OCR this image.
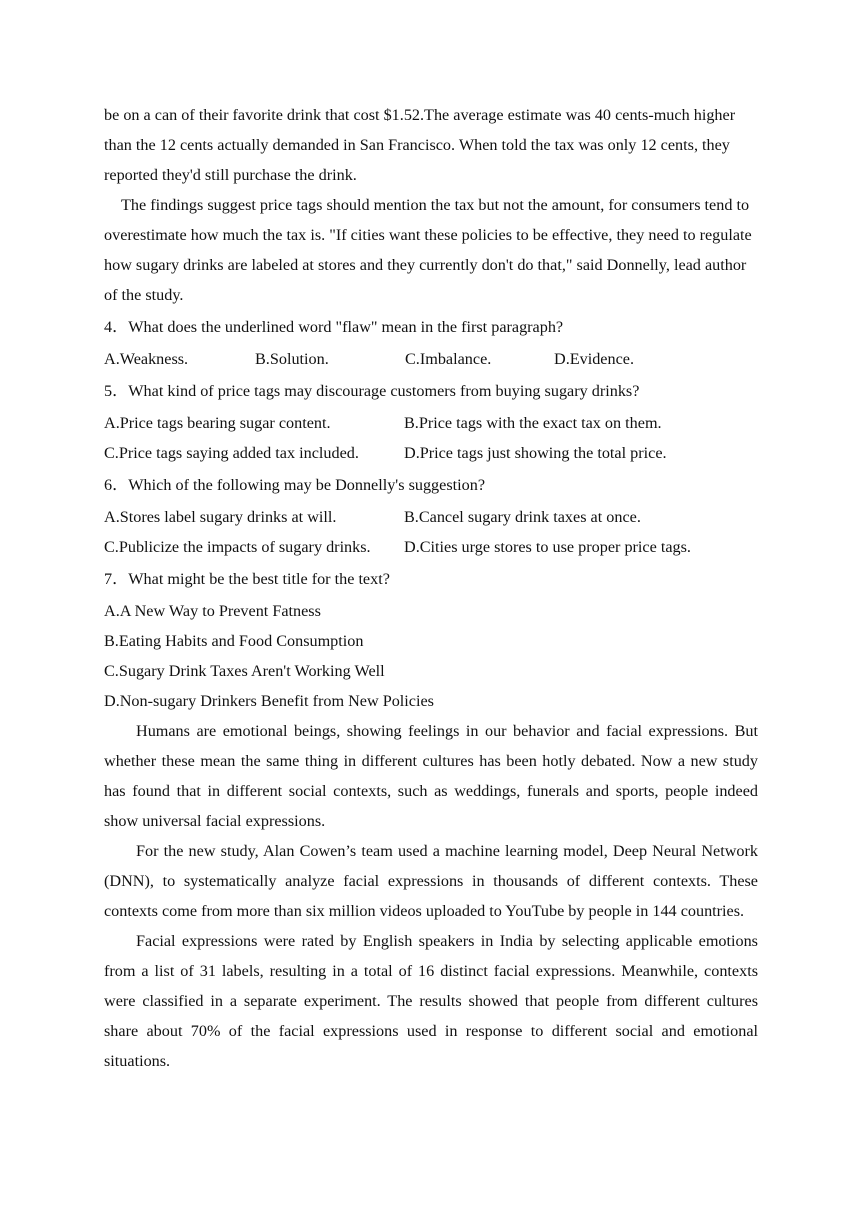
be on a can of their favorite drink that cost $1.52.The average estimate was 40 cents-much higher than the 12 cents actually demanded in San Francisco. When told the tax was only 12 cents, they reported they'd still purchase the drink.

The findings suggest price tags should mention the tax but not the amount, for consumers tend to overestimate how much the tax is. "If cities want these policies to be effective, they need to regulate how sugary drinks are labeled at stores and they currently don't do that," said Donnelly, lead author of the study.

4．What does the underlined word "flaw" mean in the first paragraph?

A.Weakness.	B.Solution.	C.Imbalance.	D.Evidence.

5．What kind of price tags may discourage customers from buying sugary drinks?

A.Price tags bearing sugar content.	B.Price tags with the exact tax on them.
C.Price tags saying added tax included.	D.Price tags just showing the total price.

6．Which of the following may be Donnelly's suggestion?

A.Stores label sugary drinks at will.	B.Cancel sugary drink taxes at once.
C.Publicize the impacts of sugary drinks.	D.Cities urge stores to use proper price tags.

7．What might be the best title for the text?

A.A New Way to Prevent Fatness

B.Eating Habits and Food Consumption

C.Sugary Drink Taxes Aren't Working Well

D.Non-sugary Drinkers Benefit from New Policies

Humans are emotional beings, showing feelings in our behavior and facial expressions. But whether these mean the same thing in different cultures has been hotly debated. Now a new study has found that in different social contexts, such as weddings, funerals and sports, people indeed show universal facial expressions.

For the new study, Alan Cowen’s team used a machine learning model, Deep Neural Network (DNN), to systematically analyze facial expressions in thousands of different contexts. These contexts come from more than six million videos uploaded to YouTube by people in 144 countries.

Facial expressions were rated by English speakers in India by selecting applicable emotions from a list of 31 labels, resulting in a total of 16 distinct facial expressions. Meanwhile, contexts were classified in a separate experiment. The results showed that people from different cultures share about 70% of the facial expressions used in response to different social and emotional situations.
